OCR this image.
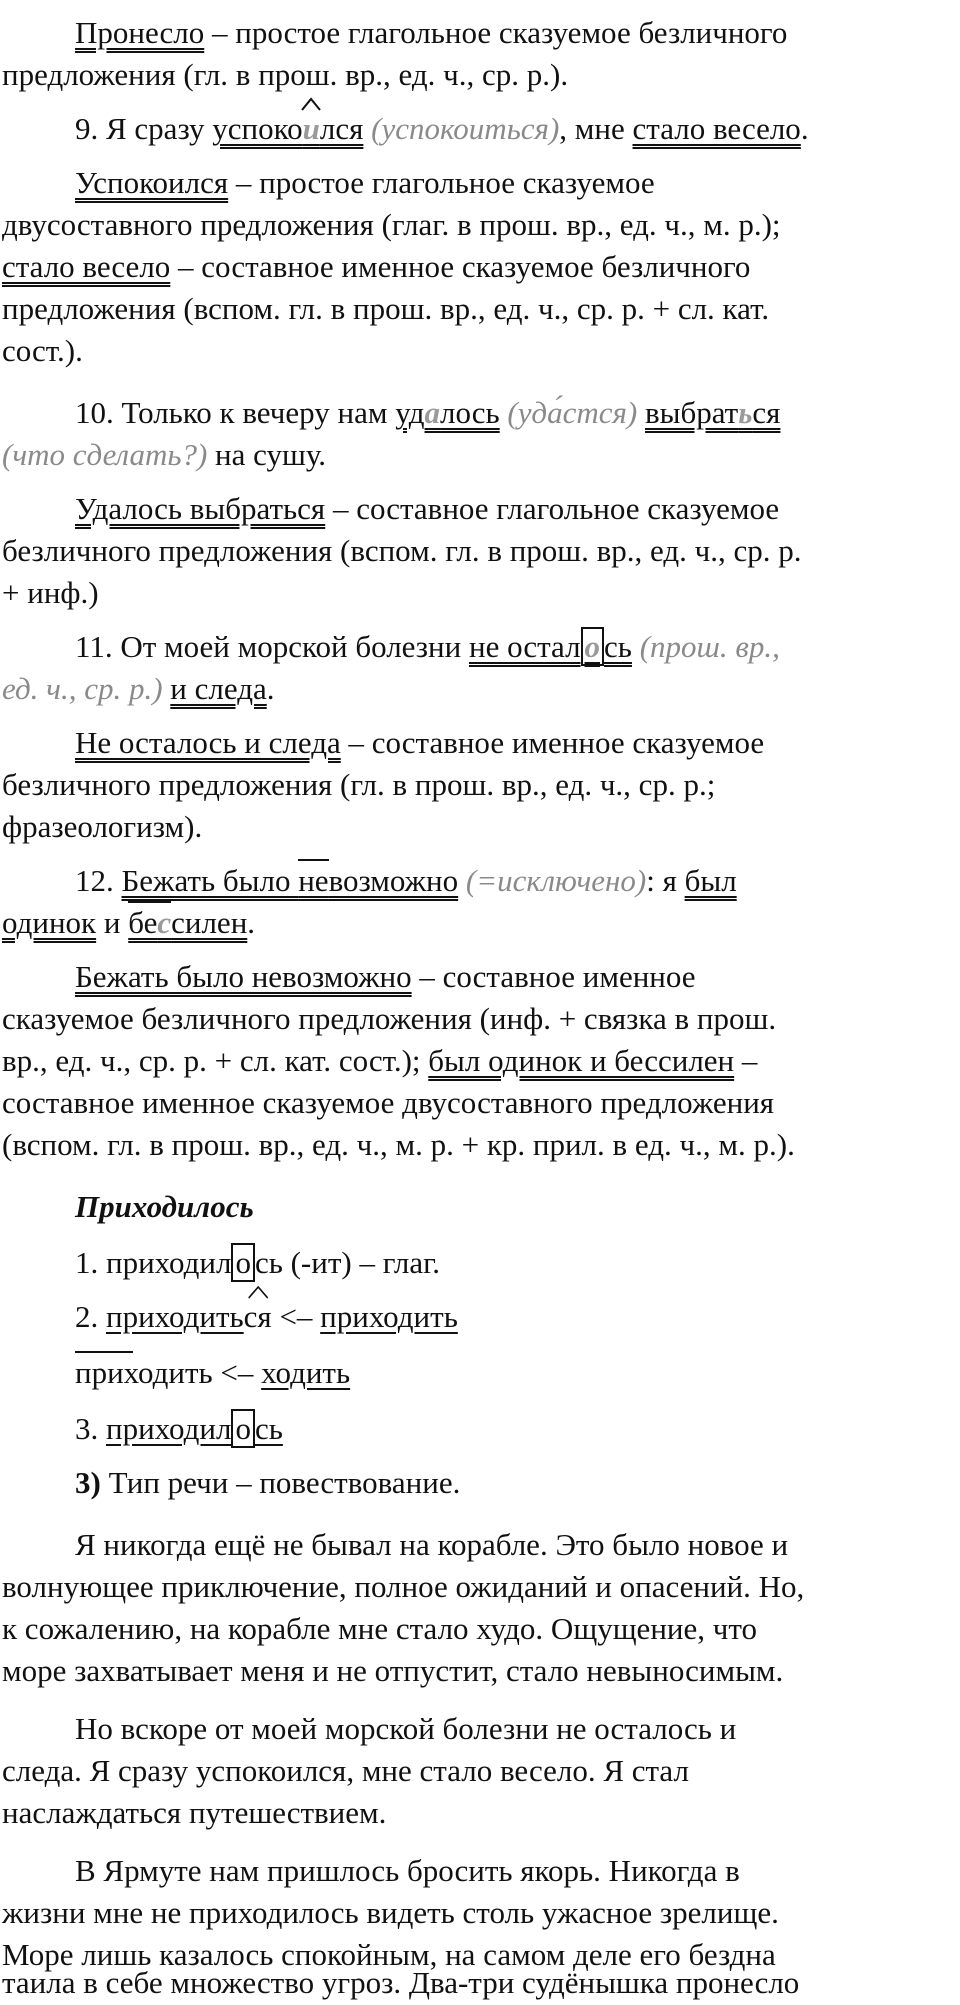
Пронесло – простое глагольное сказуемое безличного
предложения (гл. в прош. вр., ед. ч., ср. р.).
9. Я сразу успокои
лся (успокоиться), мне стало весело.
Успокоился – простое глагольное сказуемое
двусоставного предложения (глаг. в прош. вр., ед. ч., м. р.);
стало весело – составное именное сказуемое безличного
предложения (вспом. гл. в прош. вр., ед. ч., ср. р. + сл. кат.
сост.).
10. Только к вечеру нам удалось (уда́стся) выбраться
(что сделать?) на сушу.
Удалось выбраться – составное глагольное сказуемое
безличного предложения (вспом. гл. в прош. вр., ед. ч., ср. р.
+ инф.)
11. От моей морской болезни не остал о сь (прош. вр.,
ед. ч., ср. р.) и следа.
Не осталось и следа – составное именное сказуемое
безличного предложения (гл. в прош. вр., ед. ч., ср. р.;
фразеологизм).
12. Бежать было не
возможно (=исключено): я был
одинок и бес
силен.
Бежать было невозможно – составное именное
сказуемое безличного предложения (инф. + связка в прош.
вр., ед. ч., ср. р. + сл. кат. сост.); был одинок и бессилен –
составное именное сказуемое двусоставного предложения
(вспом. гл. в прош. вр., ед. ч., м. р. + кр. прил. в ед. ч., м. р.).
Приходилось
1. приходил о сь (-ит) – глаг.
2. приходиться
<– приходить
приходить
<– ходить
3. приходил о сь
3) Тип речи – повествование.
Я никогда ещё не бывал на корабле. Это было новое и
волнующее приключение, полное ожиданий и опасений. Но,
к сожалению, на корабле мне стало худо. Ощущение, что
море захватывает меня и не отпустит, стало невыносимым.
Но вскоре от моей морской болезни не осталось и
следа. Я сразу успокоился, мне стало весело. Я стал
наслаждаться путешествием.
В Ярмуте нам пришлось бросить якорь. Никогда в
жизни мне не приходилось видеть столь ужасное зрелище.
Море лишь казалось спокойным, на самом деле его бездна
таила в себе множество угроз. Два-три судёнышка пронесло
